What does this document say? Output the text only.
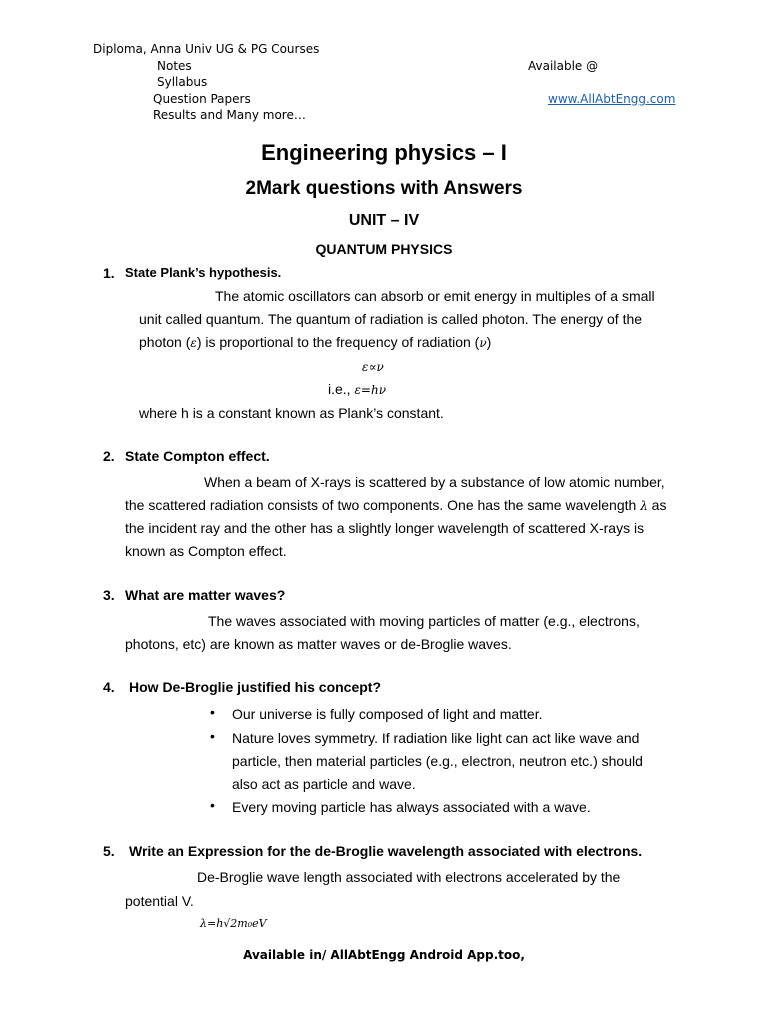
Diploma, Anna Univ UG & PG Courses
Notes
Syllabus
Question Papers
Results and Many more…
Available @
www.AllAbtEngg.com
Engineering physics – I
2Mark questions with Answers
UNIT – IV
QUANTUM PHYSICS
1. State Plank’s hypothesis.
The atomic oscillators can absorb or emit energy in multiples of a small
unit called quantum. The quantum of radiation is called photon. The energy of the
photon (ε) is proportional to the frequency of radiation (ν)
ε∝ν
i.e., ε=hν
where h is a constant known as Plank’s constant.
2. State Compton effect.
When a beam of X-rays is scattered by a substance of low atomic number,
the scattered radiation consists of two components. One has the same wavelength λ as
the incident ray and the other has a slightly longer wavelength of scattered X-rays is
known as Compton effect.
3. What are matter waves?
The waves associated with moving particles of matter (e.g., electrons,
photons, etc) are known as matter waves or de-Broglie waves.
4. How De-Broglie justified his concept?
• Our universe is fully composed of light and matter.
• Nature loves symmetry. If radiation like light can act like wave and
particle, then material particles (e.g., electron, neutron etc.) should
also act as particle and wave.
• Every moving particle has always associated with a wave.
5. Write an Expression for the de-Broglie wavelength associated with electrons.
De-Broglie wave length associated with electrons accelerated by the
potential V.
λ=h√2m₀eV
Available in/ AllAbtEngg Android App.too,
